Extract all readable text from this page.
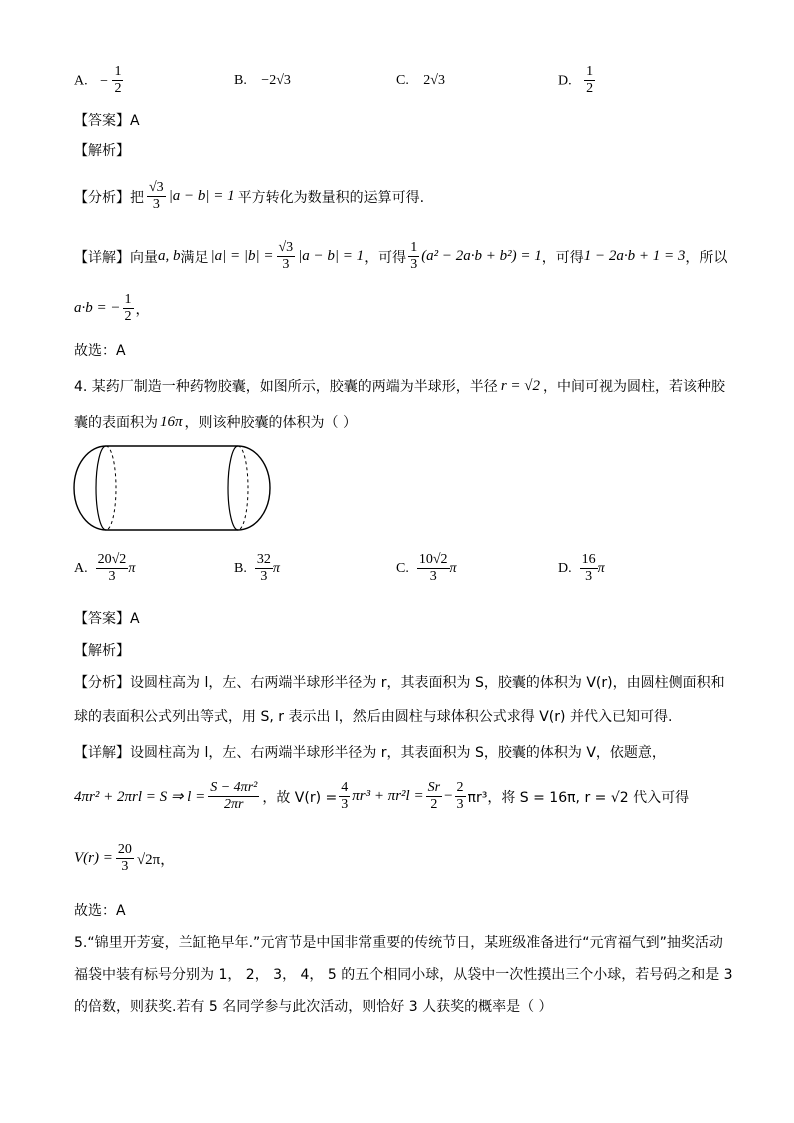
A. − $\frac{1}{2}$	B. −2√3	C. 2√3	D. $\frac{1}{2}$
【答案】A
【解析】
【分析】把 $\frac{√3}{3} |a - b| = 1$ 平方转化为数量积的运算可得.
【详解】向量 a, b 满足 $|a| = |b| = \frac{√3}{3} |a - b| = 1$ ，可得 $\frac{1}{3} (a^2 - 2a\cdot b + b^2) = 1$ ，可得 1 − 2a·b + 1 = 3 ，所以
a·b = − $\frac{1}{2}$ ，
故选：A
4. 某药厂制造一种药物胶囊，如图所示，胶囊的两端为半球形，半径 r = √2 ，中间可视为圆柱，若该种胶
囊的表面积为 16π ，则该种胶囊的体积为（ ）
A. $\frac{20√2}{3}$ π	B. $\frac{32}{3}$ π	C. $\frac{10√2}{3}$ π	D. $\frac{16}{3}$ π
【答案】A
【解析】
【分析】设圆柱高为 l，左、右两端半球形半径为 r，其表面积为 S，胶囊的体积为 V(r)，由圆柱侧面积和
球的表面积公式列出等式，用 S, r 表示出 l，然后由圆柱与球体积公式求得 V(r) 并代入已知可得.
【详解】设圆柱高为 l，左、右两端半球形半径为 r，其表面积为 S，胶囊的体积为 V，依题意，
4πr² + 2πrl = S ⇒ $l = \frac{\text{S − 4πr²}}{2\pi r}$ ，故 $V(r) = \frac{4}{3} \pi r^3 + \pi r^2l = \frac{Sr}{2} - \frac{2}{3} \pi r^3$，将 S = 16π, r = √2 代入可得
$V(r) = \frac{20}{3} √2\pi$，
故选：A
5.“锦里开芳宴，兰缸艳早年.”元宵节是中国非常重要的传统节日，某班级准备进行“元宵福气到”抽奖活动
福袋中装有标号分别为 1， 2， 3， 4， 5 的五个相同小球，从袋中一次性摸出三个小球，若号码之和是 3
的倍数，则获奖.若有 5 名同学参与此次活动，则恰好 3 人获奖的概率是（ ）
